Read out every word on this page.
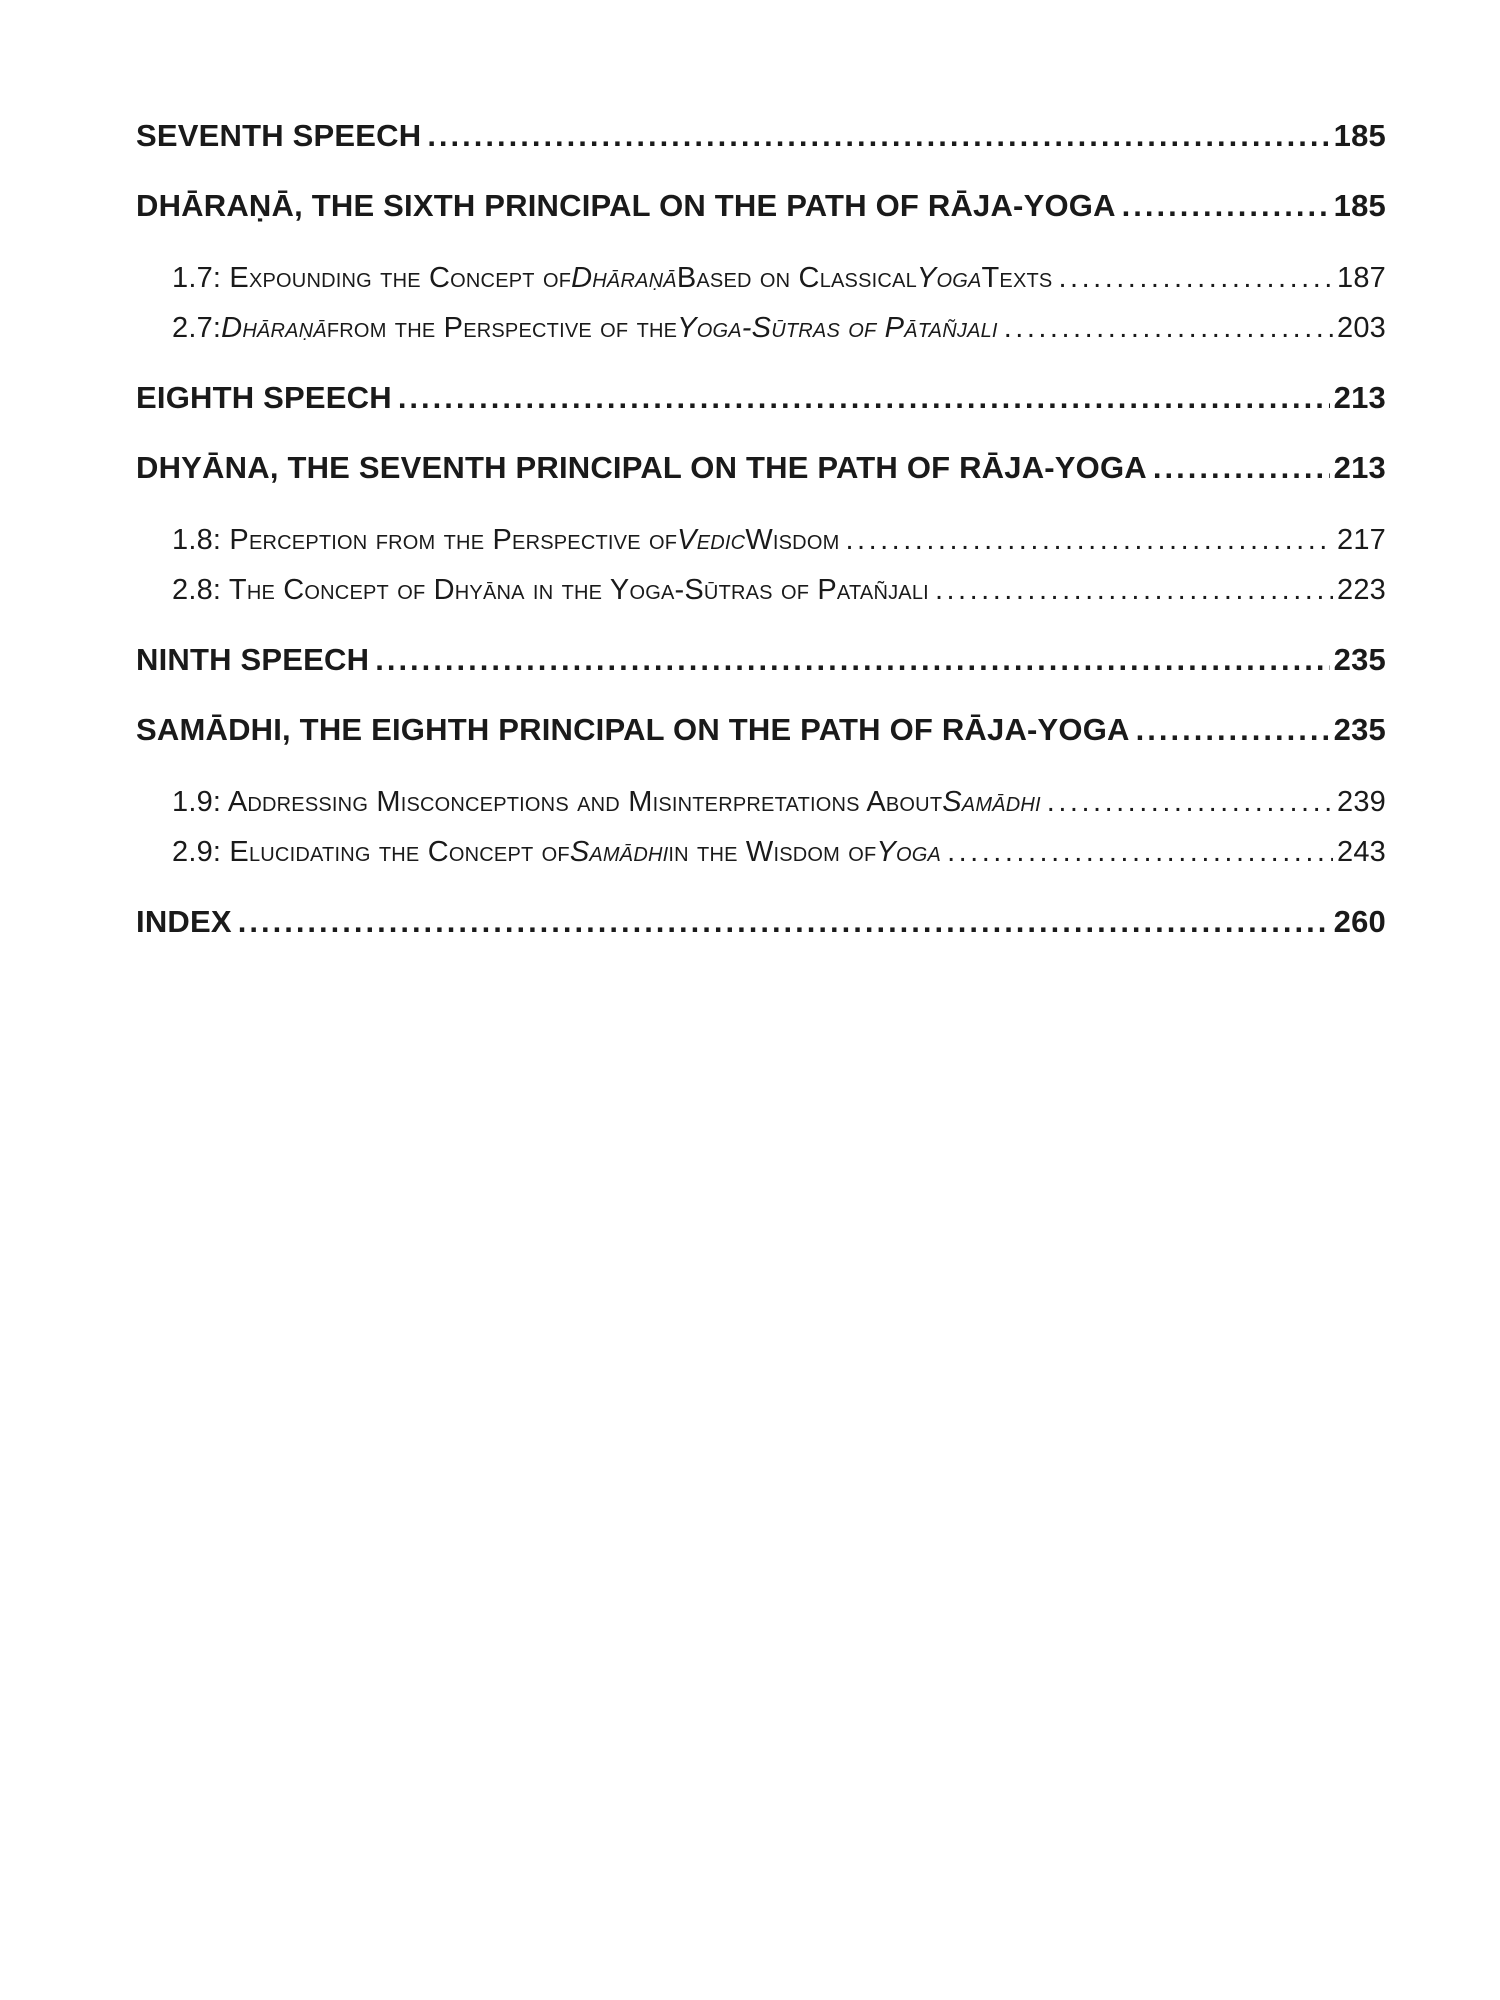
SEVENTH SPEECH .....	185
DHĀRAṆĀ, THE SIXTH PRINCIPAL ON THE PATH OF RĀJA-YOGA .....	185
1.7: Expounding the Concept of Dhāraṇā Based on Classical Yoga Texts .....	187
2.7: Dhāraṇā from the Perspective of the Yoga-Sūtras of Pātañjali .....	203
EIGHTH SPEECH .....	213
DHYĀNA, THE SEVENTH PRINCIPAL ON THE PATH OF RĀJA-YOGA .....	213
1.8: Perception from the Perspective of Vedic Wisdom .....	217
2.8: The Concept of Dhyāna in the Yoga-Sūtras of Patañjali .....	223
NINTH SPEECH .....	235
SAMĀDHI, THE EIGHTH PRINCIPAL ON THE PATH OF RĀJA-YOGA .....	235
1.9: Addressing Misconceptions and Misinterpretations About Samādhi .....	239
2.9: Elucidating the Concept of Samādhi in the Wisdom of Yoga .....	243
INDEX .....	260
